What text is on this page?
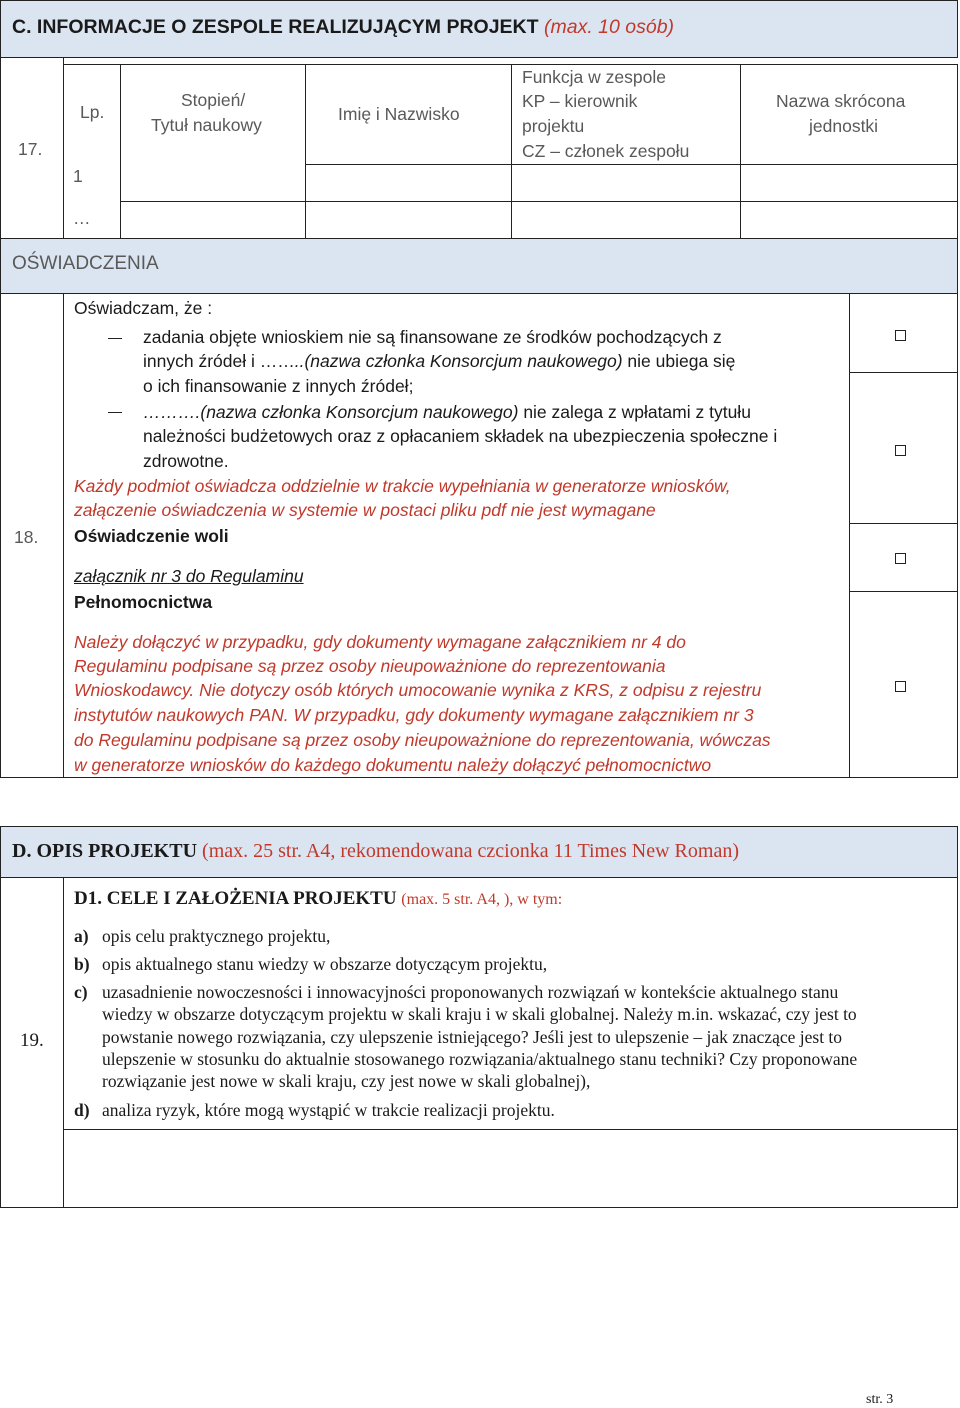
C. INFORMACJE O ZESPOLE REALIZUJĄCYM PROJEKT (max. 10 osób)
17.
Lp.
Stopień/
Tytuł naukowy
Imię i Nazwisko
Funkcja w zespole
KP – kierownik
projektu
CZ – członek zespołu
Nazwa skrócona
jednostki
1
…
OŚWIADCZENIA
18.
Oświadczam, że :
zadania objęte wnioskiem nie są finansowane ze środków pochodzących z
innych źródeł i ……..(nazwa członka Konsorcjum naukowego) nie ubiega się
o ich finansowanie z innych źródeł;
……….(nazwa członka Konsorcjum naukowego) nie zalega z wpłatami z tytułu
należności budżetowych oraz z opłacaniem składek na ubezpieczenia społeczne i
zdrowotne.
Każdy podmiot oświadcza oddzielnie w trakcie wypełniania w generatorze wniosków,
załączenie oświadczenia w systemie w postaci pliku pdf nie jest wymagane
Oświadczenie woli
załącznik nr 3 do Regulaminu
Pełnomocnictwa
Należy dołączyć w przypadku, gdy dokumenty wymagane załącznikiem nr 4 do
Regulaminu podpisane są przez osoby nieupoważnione do reprezentowania
Wnioskodawcy. Nie dotyczy osób których umocowanie wynika z KRS, z odpisu z rejestru
instytutów naukowych PAN. W przypadku, gdy dokumenty wymagane załącznikiem nr 3
do Regulaminu podpisane są przez osoby nieupoważnione do reprezentowania, wówczas
w generatorze wniosków do każdego dokumentu należy dołączyć pełnomocnictwo
D. OPIS PROJEKTU (max. 25 str. A4, rekomendowana czcionka 11 Times New Roman)
19.
D1. CELE I ZAŁOŻENIA PROJEKTU (max. 5 str. A4, ), w tym:
a) opis celu praktycznego projektu,
b) opis aktualnego stanu wiedzy w obszarze dotyczącym projektu,
c) uzasadnienie nowoczesności i innowacyjności proponowanych rozwiązań w kontekście aktualnego stanu
wiedzy w obszarze dotyczącym projektu w skali kraju i w skali globalnej. Należy m.in. wskazać, czy jest to
powstanie nowego rozwiązania, czy ulepszenie istniejącego? Jeśli jest to ulepszenie – jak znaczące jest to
ulepszenie w stosunku do aktualnie stosowanego rozwiązania/aktualnego stanu techniki? Czy proponowane
rozwiązanie jest nowe w skali kraju, czy jest nowe w skali globalnej),
d) analiza ryzyk, które mogą wystąpić w trakcie realizacji projektu.
str. 3
